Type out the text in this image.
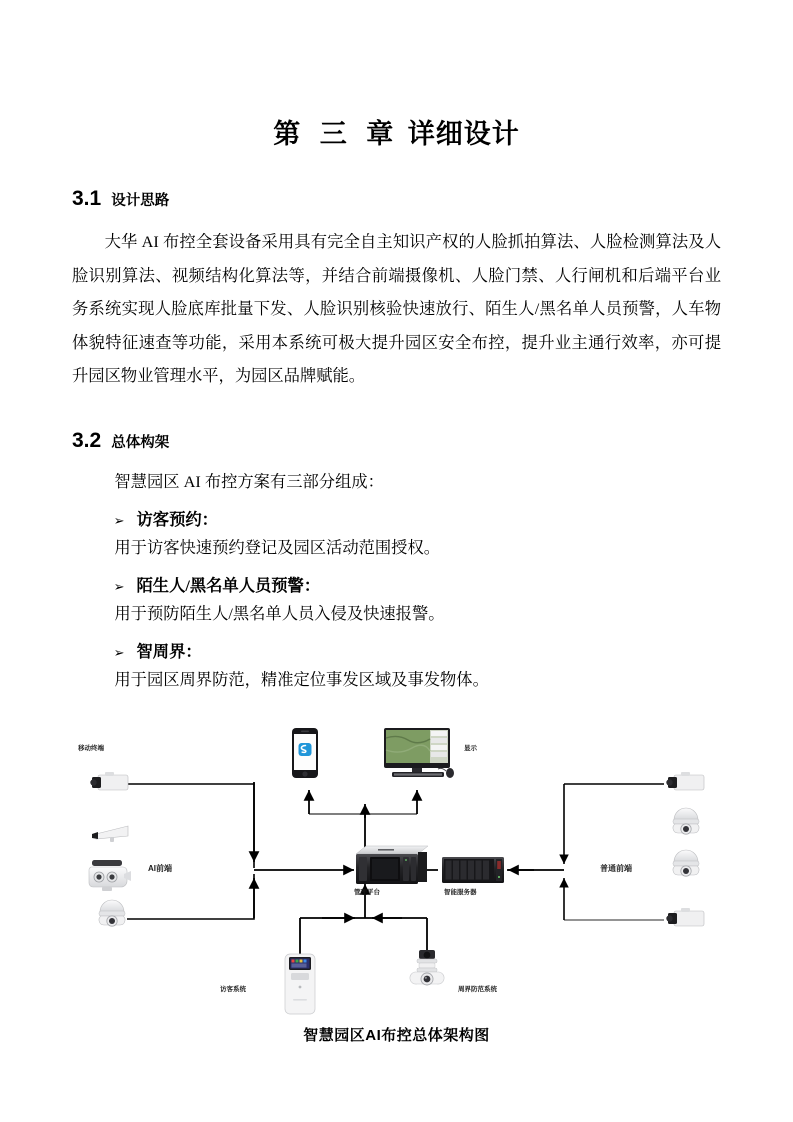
第 三 章 详细设计
3.1 设计思路

大华 AI 布控全套设备采用具有完全自主知识产权的人脸抓拍算法、人脸检测算法及人脸识别算法、视频结构化算法等，并结合前端摄像机、人脸门禁、人行闸机和后端平台业务系统实现人脸底库批量下发、人脸识别核验快速放行、陌生人/黑名单人员预警，人车物体貌特征速查等功能，采用本系统可极大提升园区安全布控，提升业主通行效率，亦可提升园区物业管理水平，为园区品牌赋能。

3.2 总体构架

智慧园区 AI 布控方案有三部分组成：

➢ 访客预约：

用于访客快速预约登记及园区活动范围授权。

➢ 陌生人/黑名单人员预警：

用于预防陌生人/黑名单人员入侵及快速报警。

➢ 智周界：

用于园区周界防范，精准定位事发区域及事发物体。

移动终端	显示
AI前端
管理平台	智能服务器
普通前端
访客系统	周界防范系统
智慧园区AI布控总体架构图
